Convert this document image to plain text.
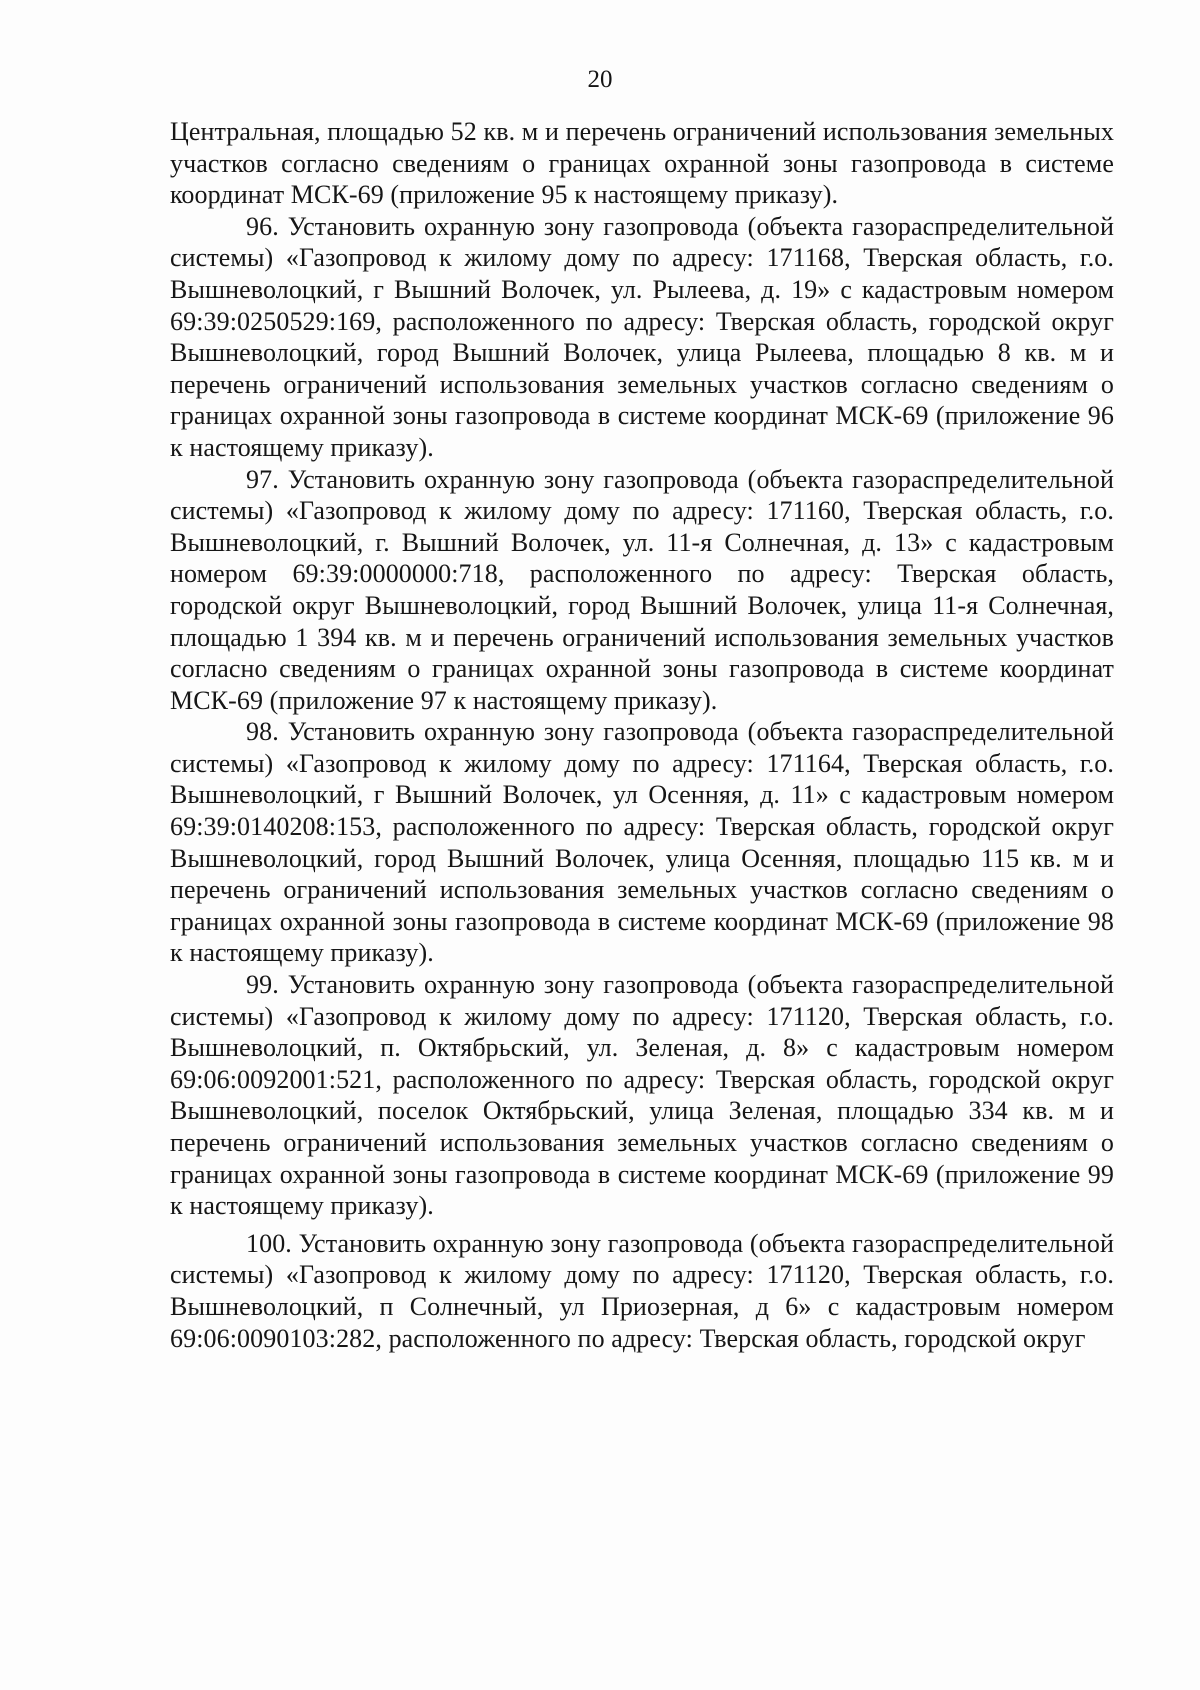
20

Центральная, площадью 52 кв. м и перечень ограничений использования земельных участков согласно сведениям о границах охранной зоны газопровода в системе координат МСК-69 (приложение 95 к настоящему приказу).

96. Установить охранную зону газопровода (объекта газораспределительной системы) «Газопровод к жилому дому по адресу: 171168, Тверская область, г.о. Вышневолоцкий, г Вышний Волочек, ул. Рылеева, д. 19» с кадастровым номером 69:39:0250529:169, расположенного по адресу: Тверская область, городской округ Вышневолоцкий, город Вышний Волочек, улица Рылеева, площадью 8 кв. м и перечень ограничений использования земельных участков согласно сведениям о границах охранной зоны газопровода в системе координат МСК-69 (приложение 96 к настоящему приказу).

97. Установить охранную зону газопровода (объекта газораспределительной системы) «Газопровод к жилому дому по адресу: 171160, Тверская область, г.о. Вышневолоцкий, г. Вышний Волочек, ул. 11-я Солнечная, д. 13» с кадастровым номером 69:39:0000000:718, расположенного по адресу: Тверская область, городской округ Вышневолоцкий, город Вышний Волочек, улица 11-я Солнечная, площадью 1 394 кв. м и перечень ограничений использования земельных участков согласно сведениям о границах охранной зоны газопровода в системе координат МСК-69 (приложение 97 к настоящему приказу).

98. Установить охранную зону газопровода (объекта газораспределительной системы) «Газопровод к жилому дому по адресу: 171164, Тверская область, г.о. Вышневолоцкий, г Вышний Волочек, ул Осенняя, д. 11» с кадастровым номером 69:39:0140208:153, расположенного по адресу: Тверская область, городской округ Вышневолоцкий, город Вышний Волочек, улица Осенняя, площадью 115 кв. м и перечень ограничений использования земельных участков согласно сведениям о границах охранной зоны газопровода в системе координат МСК-69 (приложение 98 к настоящему приказу).

99. Установить охранную зону газопровода (объекта газораспределительной системы) «Газопровод к жилому дому по адресу: 171120, Тверская область, г.о. Вышневолоцкий, п. Октябрьский, ул. Зеленая, д. 8» с кадастровым номером 69:06:0092001:521, расположенного по адресу: Тверская область, городской округ Вышневолоцкий, поселок Октябрьский, улица Зеленая, площадью 334 кв. м и перечень ограничений использования земельных участков согласно сведениям о границах охранной зоны газопровода в системе координат МСК-69 (приложение 99 к настоящему приказу).

100. Установить охранную зону газопровода (объекта газораспределительной системы) «Газопровод к жилому дому по адресу: 171120, Тверская область, г.о. Вышневолоцкий, п Солнечный, ул Приозерная, д 6» с кадастровым номером 69:06:0090103:282, расположенного по адресу: Тверская область, городской округ
